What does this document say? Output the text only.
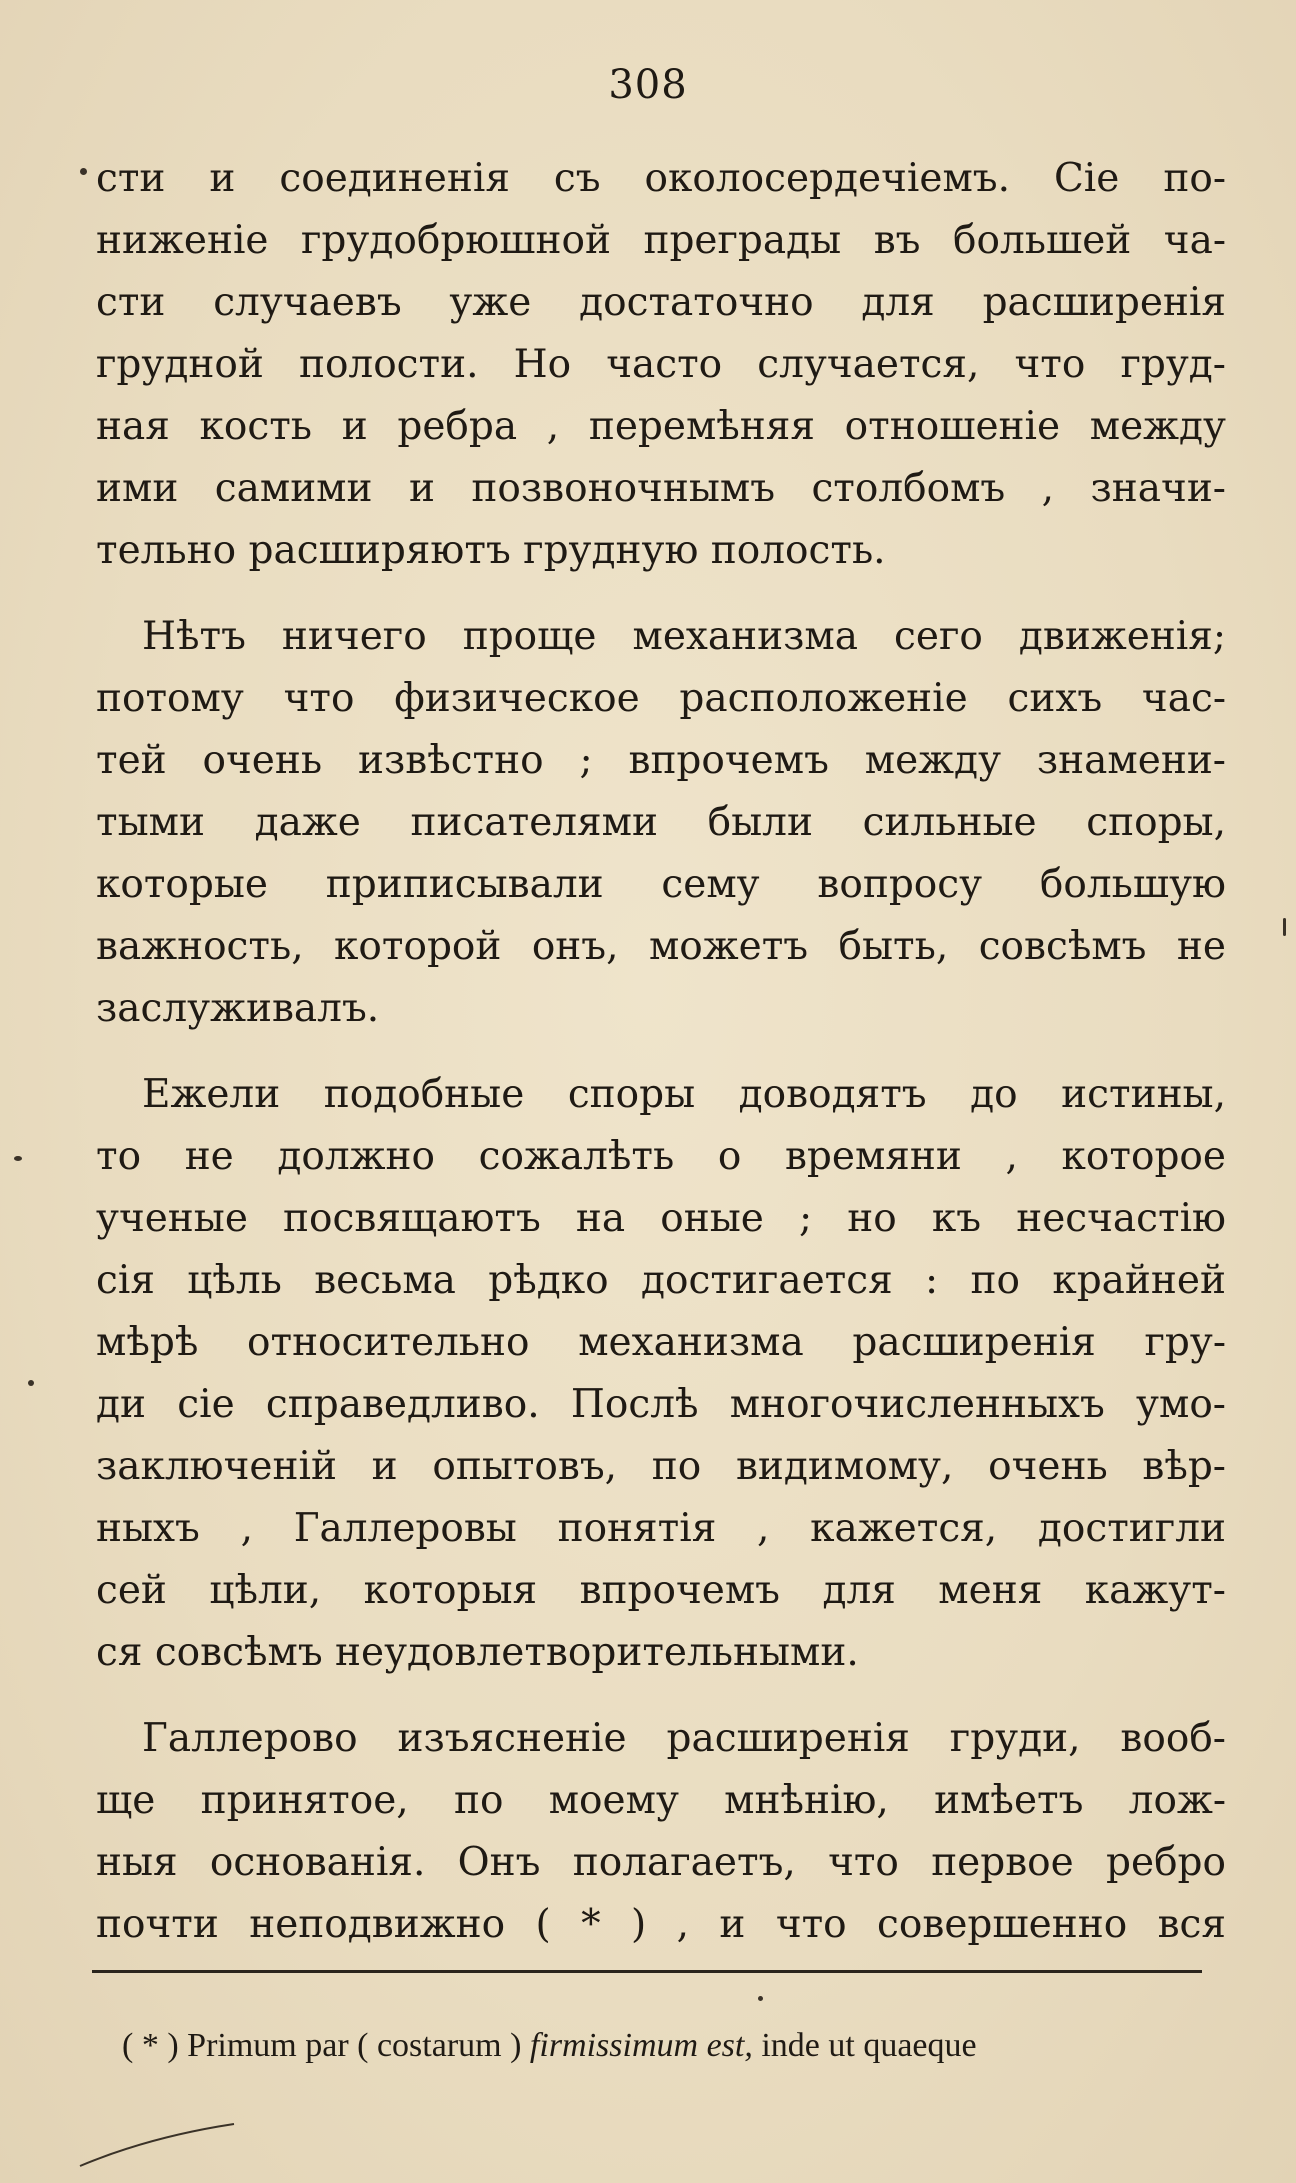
308
сти и соединенія съ околосердечіемъ. Сіе по-
ниженіе грудобрюшной преграды въ большей ча-
сти случаевъ уже достаточно для расширенія
грудной полости. Но часто случается, что груд-
ная кость и ребра , перемѣняя отношеніе между
ими самими и позвоночнымъ столбомъ , значи-
тельно расширяютъ грудную полость.
Нѣтъ ничего проще механизма сего движенія;
потому что физическое расположеніе сихъ час-
тей очень извѣстно ; впрочемъ между знамени-
тыми даже писателями были сильные споры,
которые приписывали сему вопросу большую
важность, которой онъ, можетъ быть, совсѣмъ не
заслуживалъ.
Ежели подобные споры доводятъ до истины,
то не должно сожалѣть о времяни , которое
ученые посвящаютъ на оные ; но къ несчастію
сія цѣль весьма рѣдко достигается : по крайней
мѣрѣ относительно механизма расширенія гру-
ди сіе справедливо. Послѣ многочисленныхъ умо-
заключеній и опытовъ, по видимому, очень вѣр-
ныхъ , Галлеровы понятія , кажется, достигли
сей цѣли, которыя впрочемъ для меня кажут-
ся совсѣмъ неудовлетворительными.
Галлерово изъясненіе расширенія груди, вооб-
ще принятое, по моему мнѣнію, имѣетъ лож-
ныя основанія. Онъ полагаетъ, что первое ребро
почти неподвижно ( * ) , и что совершенно вся
( * ) Primum par ( costarum ) firmissimum est, inde ut quaeque
